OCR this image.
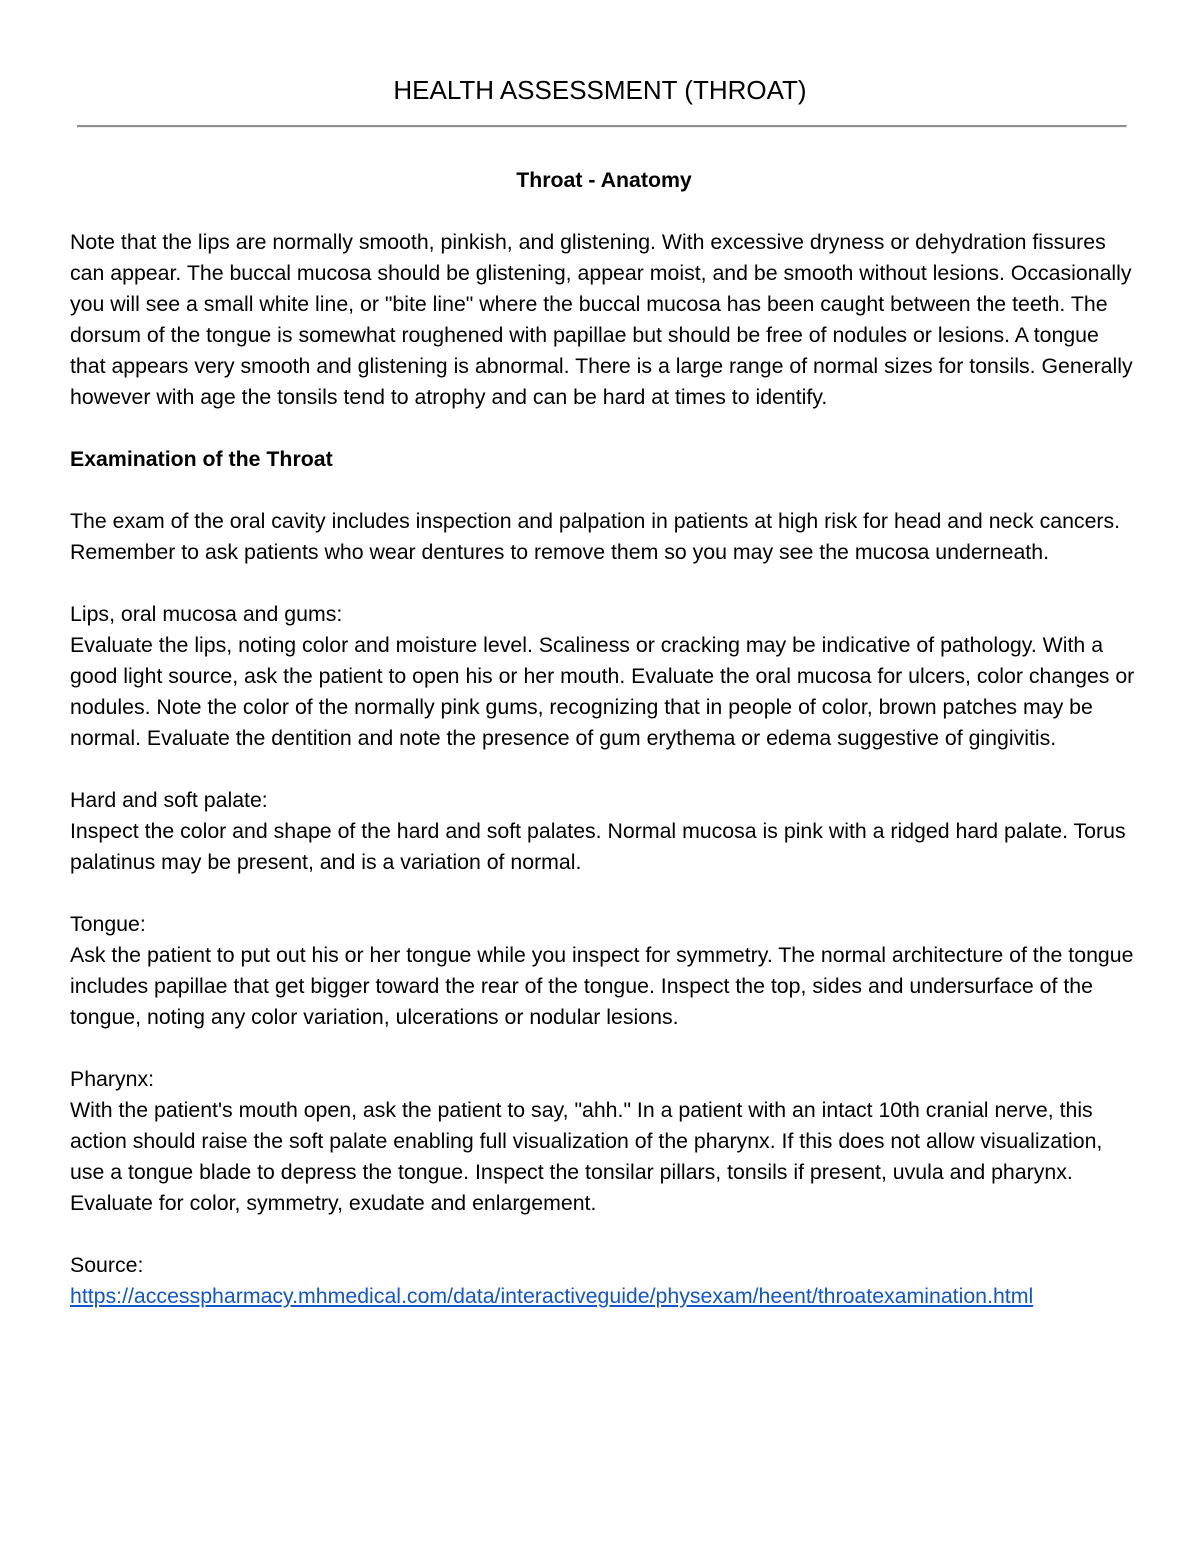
HEALTH ASSESSMENT (THROAT)

Throat - Anatomy

Note that the lips are normally smooth, pinkish, and glistening. With excessive dryness or dehydration fissures can appear. The buccal mucosa should be glistening, appear moist, and be smooth without lesions. Occasionally you will see a small white line, or "bite line" where the buccal mucosa has been caught between the teeth. The dorsum of the tongue is somewhat roughened with papillae but should be free of nodules or lesions. A tongue that appears very smooth and glistening is abnormal. There is a large range of normal sizes for tonsils. Generally however with age the tonsils tend to atrophy and can be hard at times to identify.

Examination of the Throat

The exam of the oral cavity includes inspection and palpation in patients at high risk for head and neck cancers. Remember to ask patients who wear dentures to remove them so you may see the mucosa underneath.

Lips, oral mucosa and gums:

Evaluate the lips, noting color and moisture level. Scaliness or cracking may be indicative of pathology. With a good light source, ask the patient to open his or her mouth. Evaluate the oral mucosa for ulcers, color changes or nodules. Note the color of the normally pink gums, recognizing that in people of color, brown patches may be normal. Evaluate the dentition and note the presence of gum erythema or edema suggestive of gingivitis.

Hard and soft palate:

Inspect the color and shape of the hard and soft palates. Normal mucosa is pink with a ridged hard palate. Torus palatinus may be present, and is a variation of normal.

Tongue:

Ask the patient to put out his or her tongue while you inspect for symmetry. The normal architecture of the tongue includes papillae that get bigger toward the rear of the tongue. Inspect the top, sides and undersurface of the tongue, noting any color variation, ulcerations or nodular lesions.

Pharynx:

With the patient's mouth open, ask the patient to say, "ahh." In a patient with an intact 10th cranial nerve, this action should raise the soft palate enabling full visualization of the pharynx. If this does not allow visualization, use a tongue blade to depress the tongue. Inspect the tonsilar pillars, tonsils if present, uvula and pharynx. Evaluate for color, symmetry, exudate and enlargement.

Source:

https://accesspharmacy.mhmedical.com/data/interactiveguide/physexam/heent/throatexamination.html
